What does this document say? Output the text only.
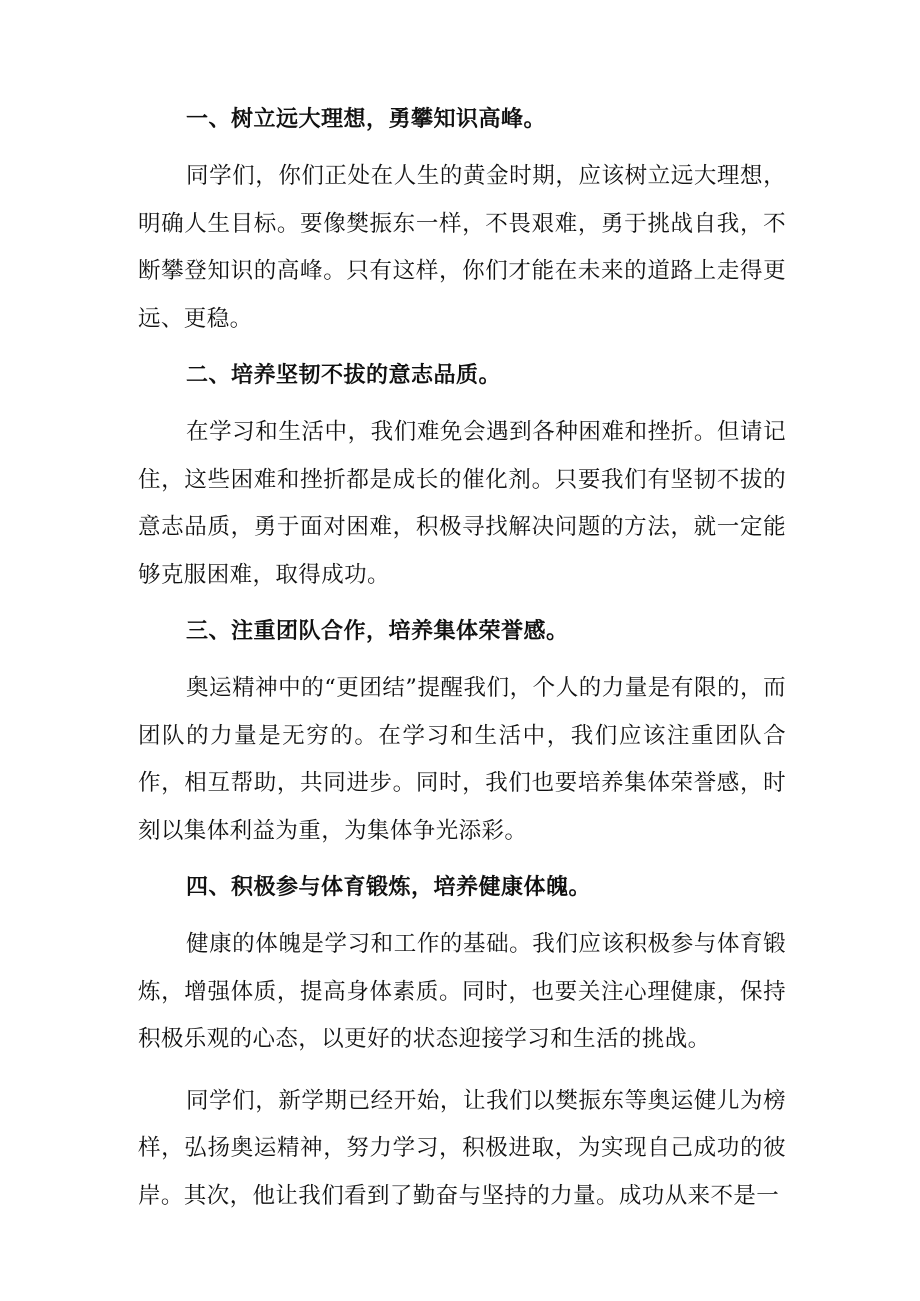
一、树立远大理想，勇攀知识高峰。

同学们，你们正处在人生的黄金时期，应该树立远大理想，明确人生目标。要像樊振东一样，不畏艰难，勇于挑战自我，不断攀登知识的高峰。只有这样，你们才能在未来的道路上走得更远、更稳。

二、培养坚韧不拔的意志品质。

在学习和生活中，我们难免会遇到各种困难和挫折。但请记住，这些困难和挫折都是成长的催化剂。只要我们有坚韧不拔的意志品质，勇于面对困难，积极寻找解决问题的方法，就一定能够克服困难，取得成功。

三、注重团队合作，培养集体荣誉感。

奥运精神中的“更团结”提醒我们，个人的力量是有限的，而团队的力量是无穷的。在学习和生活中，我们应该注重团队合作，相互帮助，共同进步。同时，我们也要培养集体荣誉感，时刻以集体利益为重，为集体争光添彩。

四、积极参与体育锻炼，培养健康体魄。

健康的体魄是学习和工作的基础。我们应该积极参与体育锻炼，增强体质，提高身体素质。同时，也要关注心理健康，保持积极乐观的心态，以更好的状态迎接学习和生活的挑战。

同学们，新学期已经开始，让我们以樊振东等奥运健儿为榜样，弘扬奥运精神，努力学习，积极进取，为实现自己成功的彼岸。其次，他让我们看到了勤奋与坚持的力量。成功从来不是一
